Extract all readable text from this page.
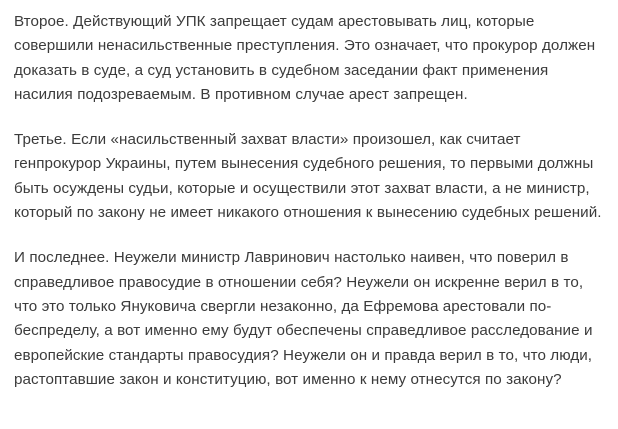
Второе. Действующий УПК запрещает судам арестовывать лиц, которые совершили ненасильственные преступления. Это означает, что прокурор должен доказать в суде, а суд установить в судебном заседании факт применения насилия подозреваемым. В противном случае арест запрещен.

Третье. Если «насильственный захват власти» произошел, как считает генпрокурор Украины, путем вынесения судебного решения, то первыми должны быть осуждены судьи, которые и осуществили этот захват власти, а не министр, который по закону не имеет никакого отношения к вынесению судебных решений.

И последнее. Неужели министр Лавринович настолько наивен, что поверил в справедливое правосудие в отношении себя? Неужели он искренне верил в то, что это только Януковича свергли незаконно, да Ефремова арестовали по-беспределу, а вот именно ему будут обеспечены справедливое расследование и европейские стандарты правосудия? Неужели он и правда верил в то, что люди, растоптавшие закон и конституцию, вот именно к нему отнесутся по закону?
